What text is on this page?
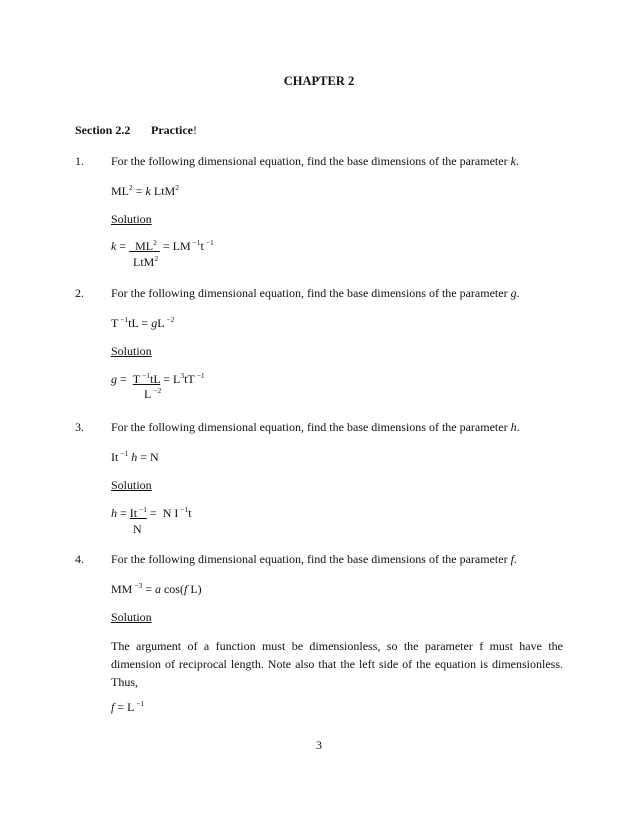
CHAPTER 2
Section 2.2 Practice!
1. For the following dimensional equation, find the base dimensions of the parameter k.
$ML^2 = k$ LtM$^2$
Solution
$k = ML^2$  = LM $^{-1}$t $^{-1}$
LtM$^2$
2. For the following dimensional equation, find the base dimensions of the parameter g.
T $^{-1}$tL = gL $^{-2}$
Solution
g =  T $^{-1}tL = L^3tT$ $^{-1}$
L $^{-2}$
3. For the following dimensional equation, find the base dimensions of the parameter h.
It $^{-1}$ h = N
Solution
h = It $^{-1}$ =  N I $^{-1}$t
N
4. For the following dimensional equation, find the base dimensions of the parameter f.
MM $^{-3}$ = a cos(f L)
Solution
The argument of a function must be dimensionless, so the parameter f must have the dimension of reciprocal length. Note also that the left side of the equation is dimensionless. Thus,
f = L $^{-1}$
3
